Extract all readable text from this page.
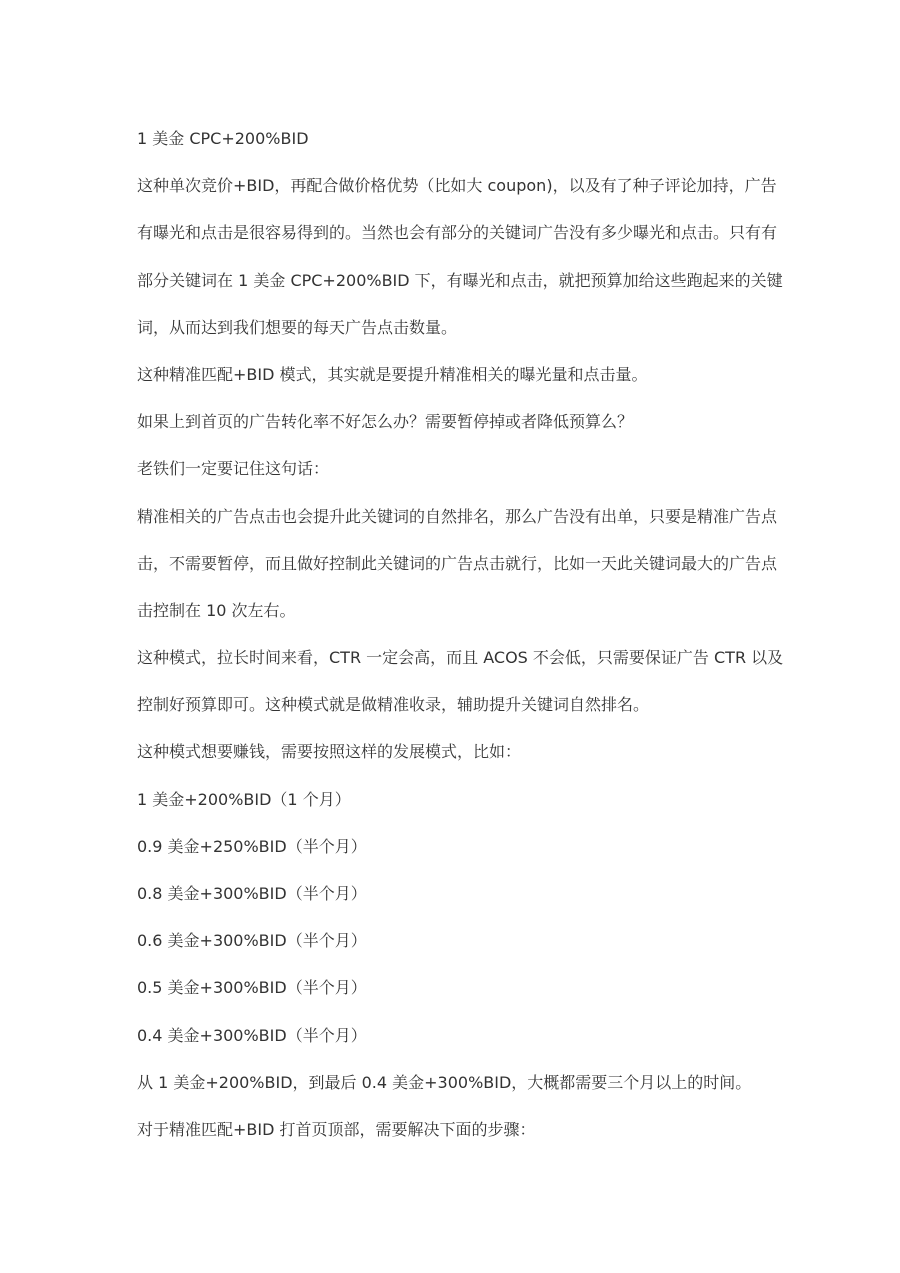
1 美金 CPC+200%BID
这种单次竞价+BID，再配合做价格优势（比如大 coupon)，以及有了种子评论加持，广告
有曝光和点击是很容易得到的。当然也会有部分的关键词广告没有多少曝光和点击。只有有
部分关键词在 1 美金 CPC+200%BID 下，有曝光和点击，就把预算加给这些跑起来的关键
词，从而达到我们想要的每天广告点击数量。
这种精准匹配+BID 模式，其实就是要提升精准相关的曝光量和点击量。
如果上到首页的广告转化率不好怎么办？需要暂停掉或者降低预算么？
老铁们一定要记住这句话：
精准相关的广告点击也会提升此关键词的自然排名，那么广告没有出单，只要是精准广告点
击，不需要暂停，而且做好控制此关键词的广告点击就行，比如一天此关键词最大的广告点
击控制在 10 次左右。
这种模式，拉长时间来看，CTR 一定会高，而且 ACOS 不会低，只需要保证广告 CTR 以及
控制好预算即可。这种模式就是做精准收录，辅助提升关键词自然排名。
这种模式想要赚钱，需要按照这样的发展模式，比如：
1 美金+200%BID（1 个月）
0.9 美金+250%BID（半个月）
0.8 美金+300%BID（半个月）
0.6 美金+300%BID（半个月）
0.5 美金+300%BID（半个月）
0.4 美金+300%BID（半个月）
从 1 美金+200%BID，到最后 0.4 美金+300%BID，大概都需要三个月以上的时间。
对于精准匹配+BID 打首页顶部，需要解决下面的步骤：
